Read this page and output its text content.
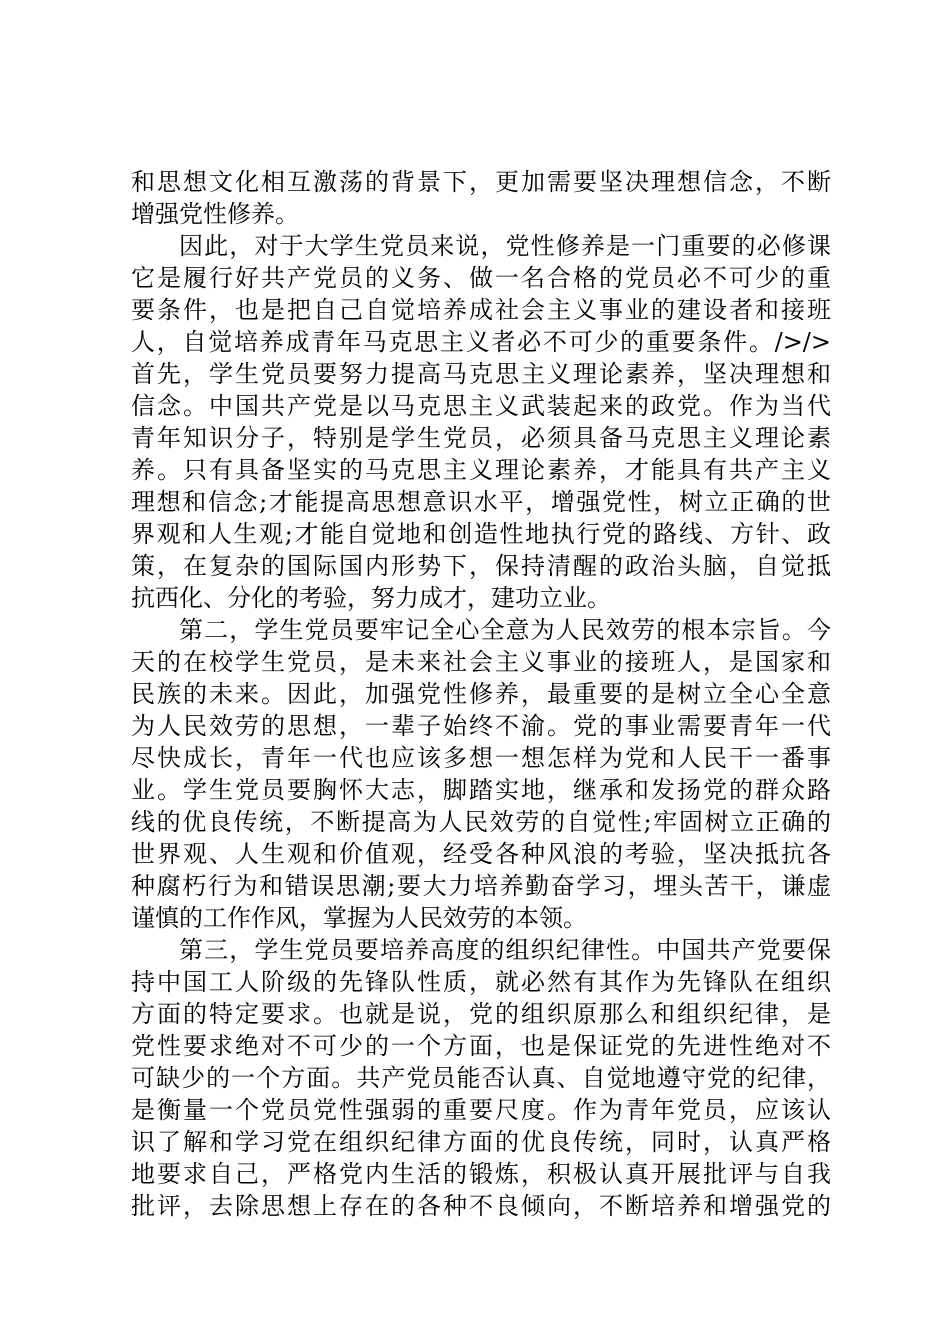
和思想文化相互激荡的背景下，更加需要坚决理想信念，不断
增强党性修养。
因此，对于大学生党员来说，党性修养是一门重要的必修课
它是履行好共产党员的义务、做一名合格的党员必不可少的重
要条件，也是把自己自觉培养成社会主义事业的建设者和接班
人，自觉培养成青年马克思主义者必不可少的重要条件。/>/>
首先，学生党员要努力提高马克思主义理论素养，坚决理想和
信念。中国共产党是以马克思主义武装起来的政党。作为当代
青年知识分子，特别是学生党员，必须具备马克思主义理论素
养。只有具备坚实的马克思主义理论素养，才能具有共产主义
理想和信念;才能提高思想意识水平，增强党性，树立正确的世
界观和人生观;才能自觉地和创造性地执行党的路线、方针、政
策，在复杂的国际国内形势下，保持清醒的政治头脑，自觉抵
抗西化、分化的考验，努力成才，建功立业。
第二，学生党员要牢记全心全意为人民效劳的根本宗旨。今
天的在校学生党员，是未来社会主义事业的接班人，是国家和
民族的未来。因此，加强党性修养，最重要的是树立全心全意
为人民效劳的思想，一辈子始终不渝。党的事业需要青年一代
尽快成长，青年一代也应该多想一想怎样为党和人民干一番事
业。学生党员要胸怀大志，脚踏实地，继承和发扬党的群众路
线的优良传统，不断提高为人民效劳的自觉性;牢固树立正确的
世界观、人生观和价值观，经受各种风浪的考验，坚决抵抗各
种腐朽行为和错误思潮;要大力培养勤奋学习，埋头苦干，谦虚
谨慎的工作作风，掌握为人民效劳的本领。
第三，学生党员要培养高度的组织纪律性。中国共产党要保
持中国工人阶级的先锋队性质，就必然有其作为先锋队在组织
方面的特定要求。也就是说，党的组织原那么和组织纪律，是
党性要求绝对不可少的一个方面，也是保证党的先进性绝对不
可缺少的一个方面。共产党员能否认真、自觉地遵守党的纪律，
是衡量一个党员党性强弱的重要尺度。作为青年党员，应该认
识了解和学习党在组织纪律方面的优良传统，同时，认真严格
地要求自己，严格党内生活的锻炼，积极认真开展批评与自我
批评，去除思想上存在的各种不良倾向，不断培养和增强党的
